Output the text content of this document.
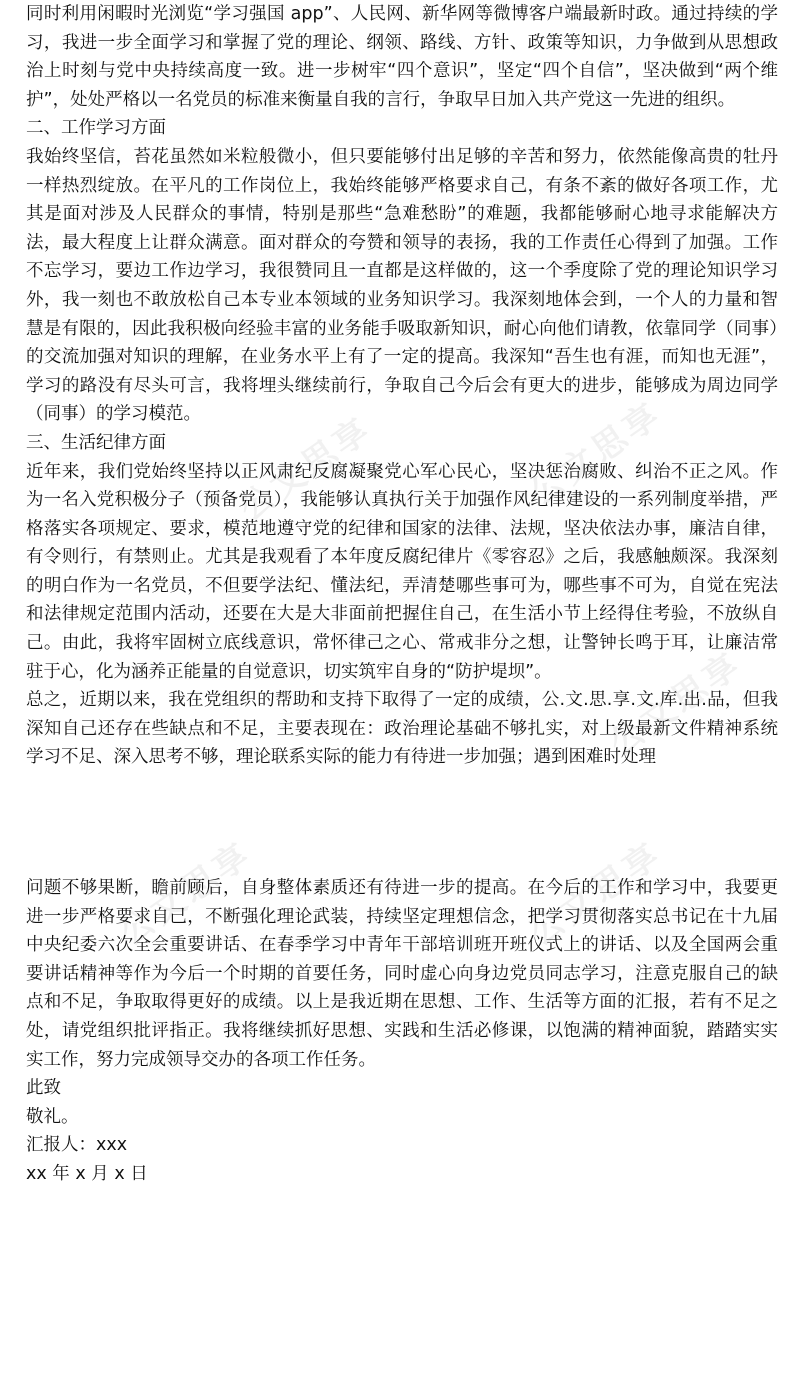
公文思享	公文思享
公文思享
公文思享	公文思享

同时利用闲暇时光浏览“学习强国 app”、人民网、新华网等微博客户端最新时政。通过持续的学习，我进一步全面学习和掌握了党的理论、纲领、路线、方针、政策等知识，力争做到从思想政治上时刻与党中央持续高度一致。进一步树牢“四个意识”，坚定“四个自信”，坚决做到“两个维护”，处处严格以一名党员的标准来衡量自我的言行，争取早日加入共产党这一先进的组织。

二、工作学习方面

我始终坚信，苔花虽然如米粒般微小，但只要能够付出足够的辛苦和努力，依然能像高贵的牡丹一样热烈绽放。在平凡的工作岗位上，我始终能够严格要求自己，有条不紊的做好各项工作，尤其是面对涉及人民群众的事情，特别是那些“急难愁盼”的难题，我都能够耐心地寻求能解决方法，最大程度上让群众满意。面对群众的夸赞和领导的表扬，我的工作责任心得到了加强。工作不忘学习，要边工作边学习，我很赞同且一直都是这样做的，这一个季度除了党的理论知识学习外，我一刻也不敢放松自己本专业本领域的业务知识学习。我深刻地体会到，一个人的力量和智慧是有限的，因此我积极向经验丰富的业务能手吸取新知识，耐心向他们请教，依靠同学（同事）的交流加强对知识的理解，在业务水平上有了一定的提高。我深知“吾生也有涯，而知也无涯”，学习的路没有尽头可言，我将埋头继续前行，争取自己今后会有更大的进步，能够成为周边同学（同事）的学习模范。

三、生活纪律方面

近年来，我们党始终坚持以正风肃纪反腐凝聚党心军心民心，坚决惩治腐败、纠治不正之风。作为一名入党积极分子（预备党员），我能够认真执行关于加强作风纪律建设的一系列制度举措，严格落实各项规定、要求，模范地遵守党的纪律和国家的法律、法规，坚决依法办事，廉洁自律，有令则行，有禁则止。尤其是我观看了本年度反腐纪律片《零容忍》之后，我感触颇深。我深刻的明白作为一名党员，不但要学法纪、懂法纪，弄清楚哪些事可为，哪些事不可为，自觉在宪法和法律规定范围内活动，还要在大是大非面前把握住自己，在生活小节上经得住考验，不放纵自己。由此，我将牢固树立底线意识，常怀律己之心、常戒非分之想，让警钟长鸣于耳，让廉洁常驻于心，化为涵养正能量的自觉意识，切实筑牢自身的“防护堤坝”。

总之，近期以来，我在党组织的帮助和支持下取得了一定的成绩，公.文.思.享.文.库.出.品，但我深知自己还存在些缺点和不足，主要表现在：政治理论基础不够扎实，对上级最新文件精神系统学习不足、深入思考不够，理论联系实际的能力有待进一步加强；遇到困难时处理

问题不够果断，瞻前顾后，自身整体素质还有待进一步的提高。在今后的工作和学习中，我要更进一步严格要求自己，不断强化理论武装，持续坚定理想信念，把学习贯彻落实总书记在十九届中央纪委六次全会重要讲话、在春季学习中青年干部培训班开班仪式上的讲话、以及全国两会重要讲话精神等作为今后一个时期的首要任务，同时虚心向身边党员同志学习，注意克服自己的缺点和不足，争取取得更好的成绩。以上是我近期在思想、工作、生活等方面的汇报，若有不足之处，请党组织批评指正。我将继续抓好思想、实践和生活必修课，以饱满的精神面貌，踏踏实实实工作，努力完成领导交办的各项工作任务。

此致

敬礼。

汇报人：xxx

xx 年 x 月 x 日
